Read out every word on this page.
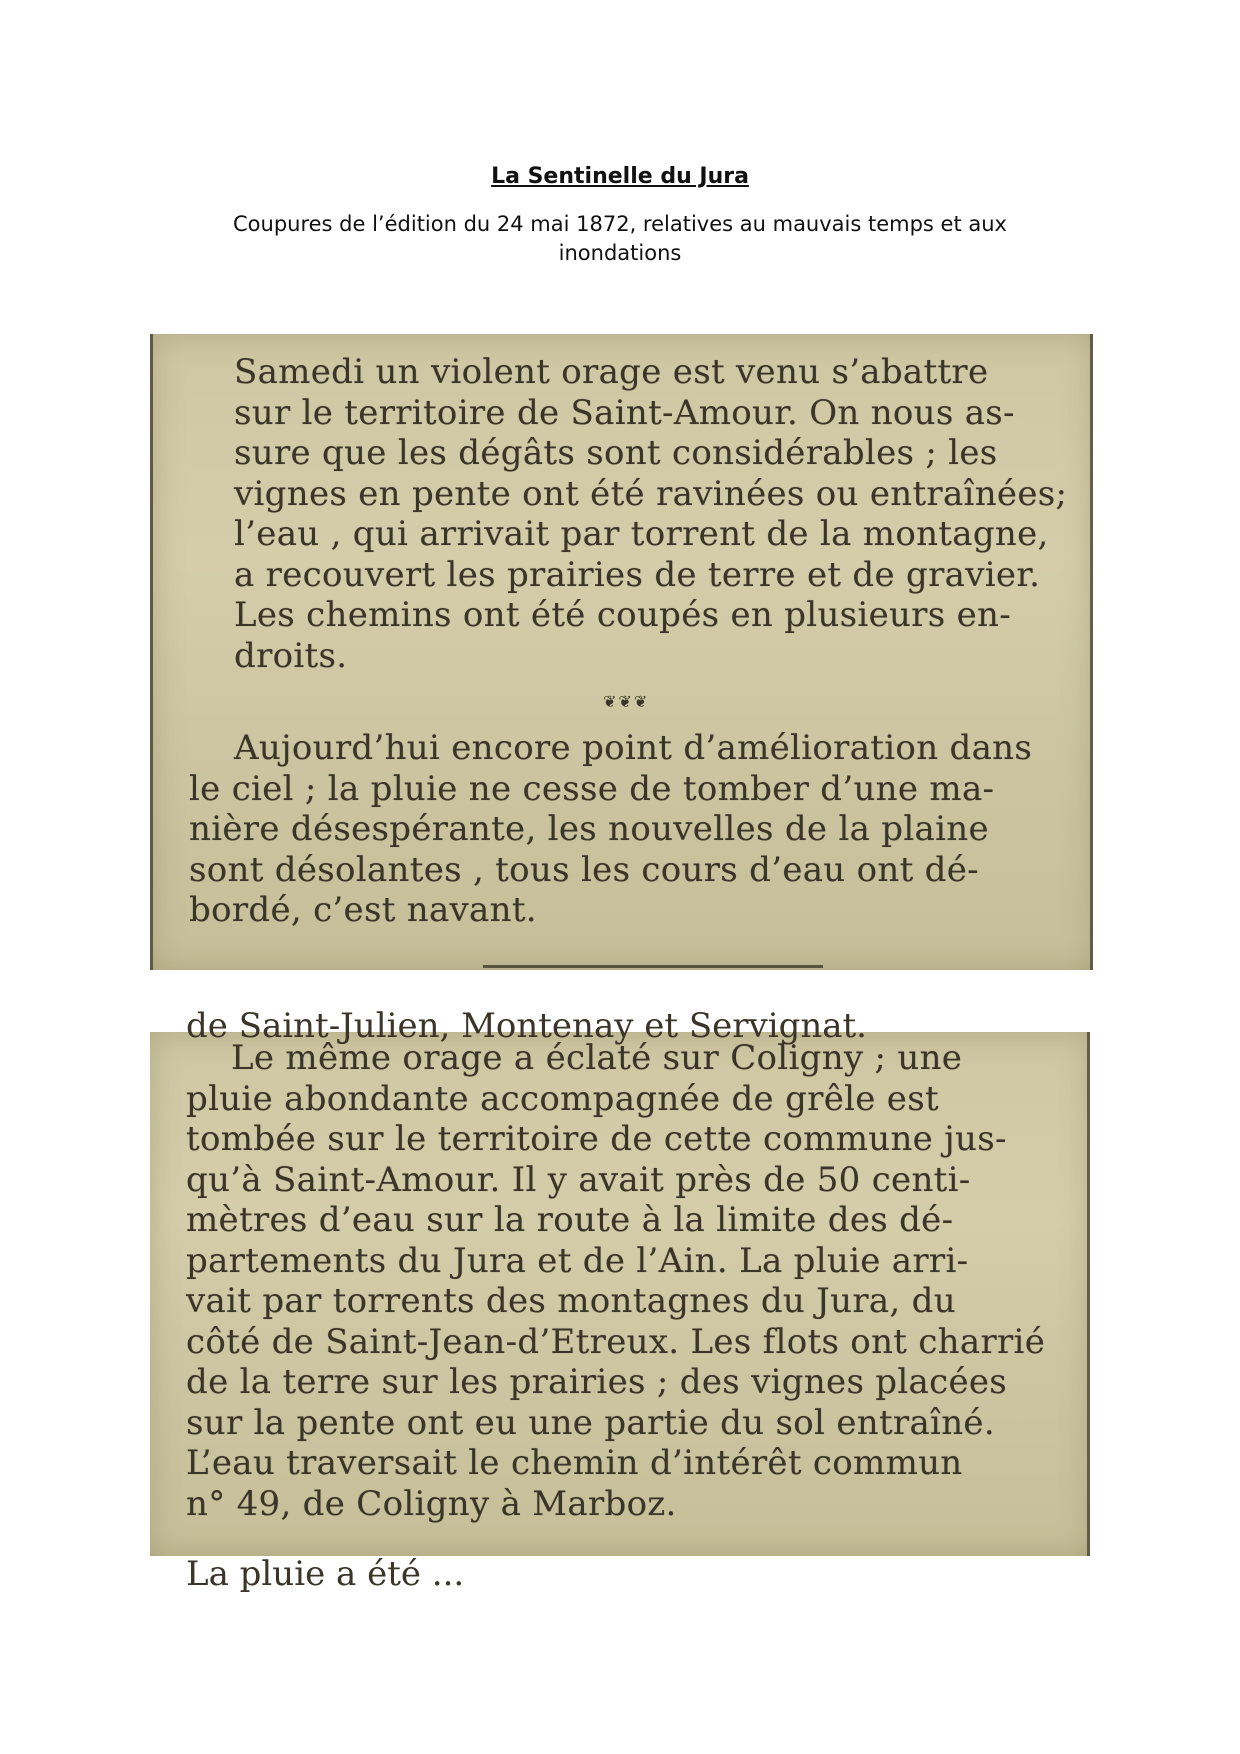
La Sentinelle du Jura
Coupures de l’édition du 24 mai 1872, relatives au mauvais temps et aux inondations

Samedi un violent orage est venu s’abattre
sur le territoire de Saint-Amour. On nous as-
sure que les dégâts sont considérables ; les
vignes en pente ont été ravinées ou entraînées;
l’eau , qui arrivait par torrent de la montagne,
a recouvert les prairies de terre et de gravier.
Les chemins ont été coupés en plusieurs en-
droits.

❦❦❦

Aujourd’hui encore point d’amélioration dans
le ciel ; la pluie ne cesse de tomber d’une ma-
nière désespérante, les nouvelles de la plaine
sont désolantes , tous les cours d’eau ont dé-
bordé, c’est navant.

de Saint-Julien, Montenay et Servignat.

Le même orage a éclaté sur Coligny ; une
pluie abondante accompagnée de grêle est
tombée sur le territoire de cette commune jus-
qu’à Saint-Amour. Il y avait près de 50 centi-
mètres d’eau sur la route à la limite des dé-
partements du Jura et de l’Ain. La pluie arri-
vait par torrents des montagnes du Jura, du
côté de Saint-Jean-d’Etreux. Les flots ont charrié
de la terre sur les prairies ; des vignes placées
sur la pente ont eu une partie du sol entraîné.
L’eau traversait le chemin d’intérêt commun
n° 49, de Coligny à Marboz.

La pluie a été ...
